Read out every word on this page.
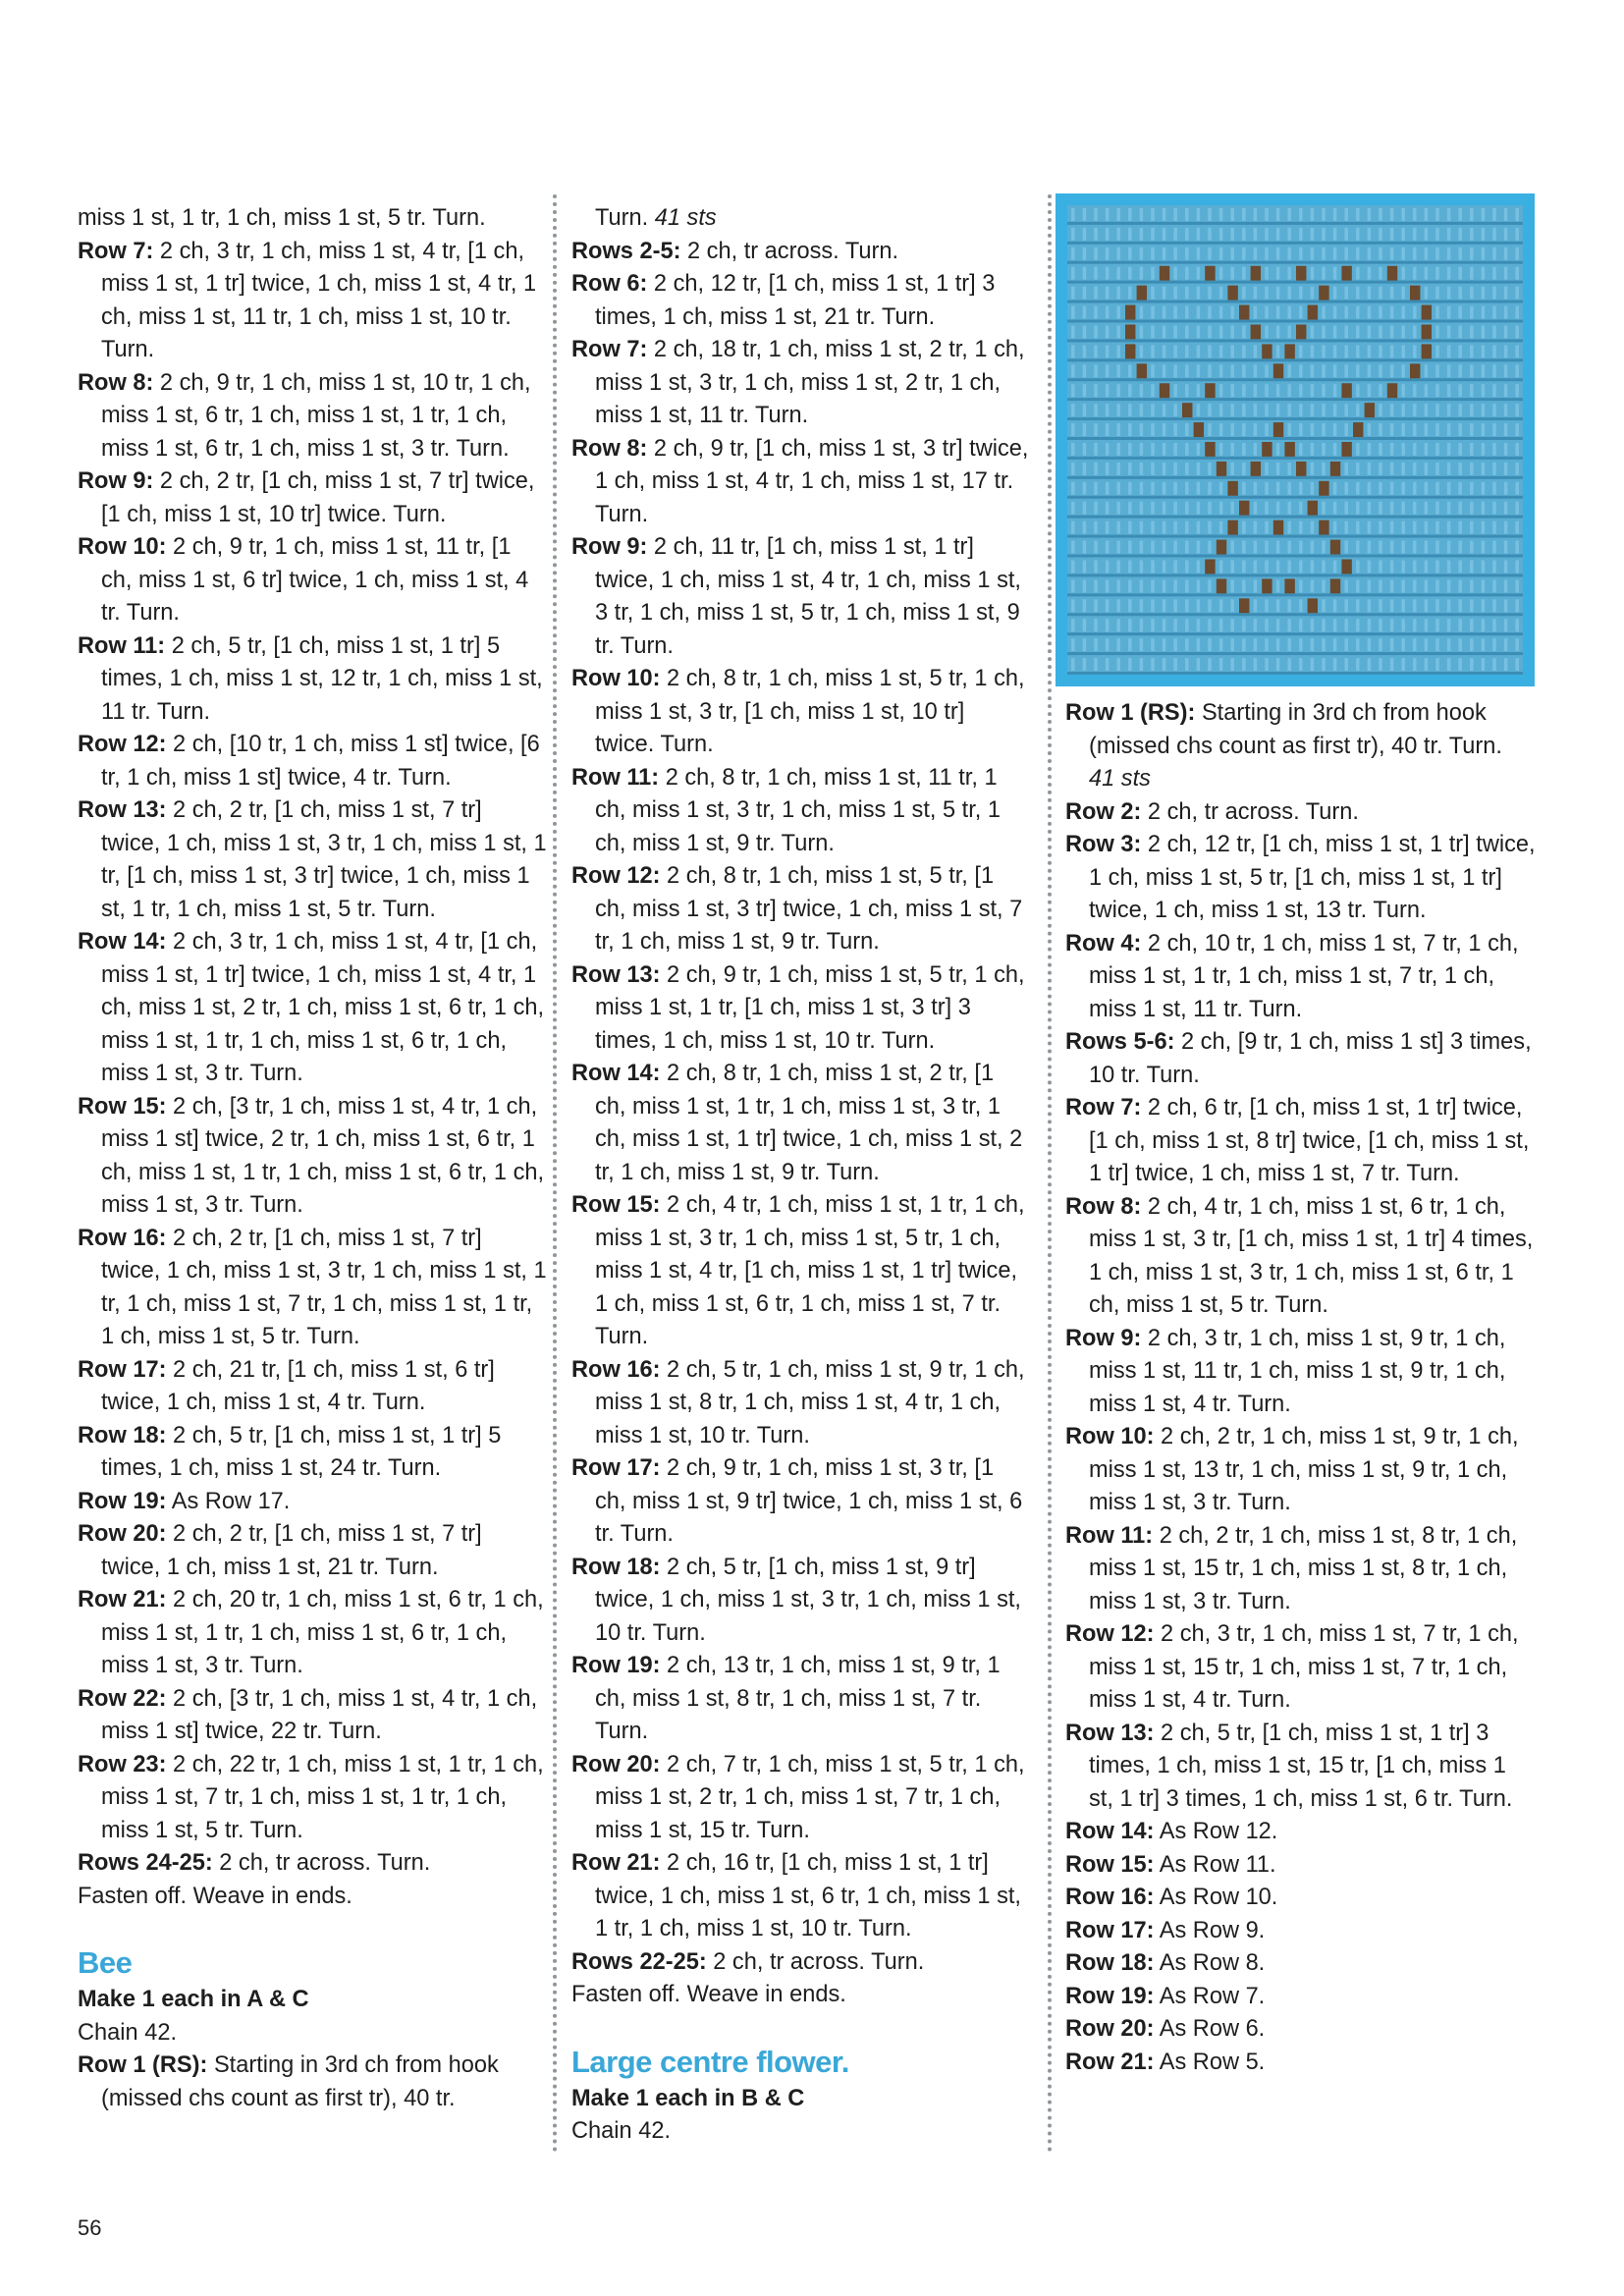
miss 1 st, 1 tr, 1 ch, miss 1 st, 5 tr. Turn.

Row 7: 2 ch, 3 tr, 1 ch, miss 1 st, 4 tr, [1 ch, miss 1 st, 1 tr] twice, 1 ch, miss 1 st, 4 tr, 1 ch, miss 1 st, 11 tr, 1 ch, miss 1 st, 10 tr. Turn.

Row 8: 2 ch, 9 tr, 1 ch, miss 1 st, 10 tr, 1 ch, miss 1 st, 6 tr, 1 ch, miss 1 st, 1 tr, 1 ch, miss 1 st, 6 tr, 1 ch, miss 1 st, 3 tr. Turn.

Row 9: 2 ch, 2 tr, [1 ch, miss 1 st, 7 tr] twice, [1 ch, miss 1 st, 10 tr] twice. Turn.

Row 10: 2 ch, 9 tr, 1 ch, miss 1 st, 11 tr, [1 ch, miss 1 st, 6 tr] twice, 1 ch, miss 1 st, 4 tr. Turn.

Row 11: 2 ch, 5 tr, [1 ch, miss 1 st, 1 tr] 5 times, 1 ch, miss 1 st, 12 tr, 1 ch, miss 1 st, 11 tr. Turn.

Row 12: 2 ch, [10 tr, 1 ch, miss 1 st] twice, [6 tr, 1 ch, miss 1 st] twice, 4 tr. Turn.

Row 13: 2 ch, 2 tr, [1 ch, miss 1 st, 7 tr] twice, 1 ch, miss 1 st, 3 tr, 1 ch, miss 1 st, 1 tr, [1 ch, miss 1 st, 3 tr] twice, 1 ch, miss 1 st, 1 tr, 1 ch, miss 1 st, 5 tr. Turn.

Row 14: 2 ch, 3 tr, 1 ch, miss 1 st, 4 tr, [1 ch, miss 1 st, 1 tr] twice, 1 ch, miss 1 st, 4 tr, 1 ch, miss 1 st, 2 tr, 1 ch, miss 1 st, 6 tr, 1 ch, miss 1 st, 1 tr, 1 ch, miss 1 st, 6 tr, 1 ch, miss 1 st, 3 tr. Turn.

Row 15: 2 ch, [3 tr, 1 ch, miss 1 st, 4 tr, 1 ch, miss 1 st] twice, 2 tr, 1 ch, miss 1 st, 6 tr, 1 ch, miss 1 st, 1 tr, 1 ch, miss 1 st, 6 tr, 1 ch, miss 1 st, 3 tr. Turn.

Row 16: 2 ch, 2 tr, [1 ch, miss 1 st, 7 tr] twice, 1 ch, miss 1 st, 3 tr, 1 ch, miss 1 st, 1 tr, 1 ch, miss 1 st, 7 tr, 1 ch, miss 1 st, 1 tr, 1 ch, miss 1 st, 5 tr. Turn.

Row 17: 2 ch, 21 tr, [1 ch, miss 1 st, 6 tr] twice, 1 ch, miss 1 st, 4 tr. Turn.

Row 18: 2 ch, 5 tr, [1 ch, miss 1 st, 1 tr] 5 times, 1 ch, miss 1 st, 24 tr. Turn.

Row 19: As Row 17.

Row 20: 2 ch, 2 tr, [1 ch, miss 1 st, 7 tr] twice, 1 ch, miss 1 st, 21 tr. Turn.

Row 21: 2 ch, 20 tr, 1 ch, miss 1 st, 6 tr, 1 ch, miss 1 st, 1 tr, 1 ch, miss 1 st, 6 tr, 1 ch, miss 1 st, 3 tr. Turn.

Row 22: 2 ch, [3 tr, 1 ch, miss 1 st, 4 tr, 1 ch, miss 1 st] twice, 22 tr. Turn.

Row 23: 2 ch, 22 tr, 1 ch, miss 1 st, 1 tr, 1 ch, miss 1 st, 7 tr, 1 ch, miss 1 st, 1 tr, 1 ch, miss 1 st, 5 tr. Turn.

Rows 24-25: 2 ch, tr across. Turn.

Fasten off. Weave in ends.

Bee

Make 1 each in A & C

Chain 42.

Row 1 (RS): Starting in 3rd ch from hook (missed chs count as first tr), 40 tr.

Turn. 41 sts

Rows 2-5: 2 ch, tr across. Turn.

Row 6: 2 ch, 12 tr, [1 ch, miss 1 st, 1 tr] 3 times, 1 ch, miss 1 st, 21 tr. Turn.

Row 7: 2 ch, 18 tr, 1 ch, miss 1 st, 2 tr, 1 ch, miss 1 st, 3 tr, 1 ch, miss 1 st, 2 tr, 1 ch, miss 1 st, 11 tr. Turn.

Row 8: 2 ch, 9 tr, [1 ch, miss 1 st, 3 tr] twice, 1 ch, miss 1 st, 4 tr, 1 ch, miss 1 st, 17 tr. Turn.

Row 9: 2 ch, 11 tr, [1 ch, miss 1 st, 1 tr] twice, 1 ch, miss 1 st, 4 tr, 1 ch, miss 1 st, 3 tr, 1 ch, miss 1 st, 5 tr, 1 ch, miss 1 st, 9 tr. Turn.

Row 10: 2 ch, 8 tr, 1 ch, miss 1 st, 5 tr, 1 ch, miss 1 st, 3 tr, [1 ch, miss 1 st, 10 tr] twice. Turn.

Row 11: 2 ch, 8 tr, 1 ch, miss 1 st, 11 tr, 1 ch, miss 1 st, 3 tr, 1 ch, miss 1 st, 5 tr, 1 ch, miss 1 st, 9 tr. Turn.

Row 12: 2 ch, 8 tr, 1 ch, miss 1 st, 5 tr, [1 ch, miss 1 st, 3 tr] twice, 1 ch, miss 1 st, 7 tr, 1 ch, miss 1 st, 9 tr. Turn.

Row 13: 2 ch, 9 tr, 1 ch, miss 1 st, 5 tr, 1 ch, miss 1 st, 1 tr, [1 ch, miss 1 st, 3 tr] 3 times, 1 ch, miss 1 st, 10 tr. Turn.

Row 14: 2 ch, 8 tr, 1 ch, miss 1 st, 2 tr, [1 ch, miss 1 st, 1 tr, 1 ch, miss 1 st, 3 tr, 1 ch, miss 1 st, 1 tr] twice, 1 ch, miss 1 st, 2 tr, 1 ch, miss 1 st, 9 tr. Turn.

Row 15: 2 ch, 4 tr, 1 ch, miss 1 st, 1 tr, 1 ch, miss 1 st, 3 tr, 1 ch, miss 1 st, 5 tr, 1 ch, miss 1 st, 4 tr, [1 ch, miss 1 st, 1 tr] twice, 1 ch, miss 1 st, 6 tr, 1 ch, miss 1 st, 7 tr. Turn.

Row 16: 2 ch, 5 tr, 1 ch, miss 1 st, 9 tr, 1 ch, miss 1 st, 8 tr, 1 ch, miss 1 st, 4 tr, 1 ch, miss 1 st, 10 tr. Turn.

Row 17: 2 ch, 9 tr, 1 ch, miss 1 st, 3 tr, [1 ch, miss 1 st, 9 tr] twice, 1 ch, miss 1 st, 6 tr. Turn.

Row 18: 2 ch, 5 tr, [1 ch, miss 1 st, 9 tr] twice, 1 ch, miss 1 st, 3 tr, 1 ch, miss 1 st, 10 tr. Turn.

Row 19: 2 ch, 13 tr, 1 ch, miss 1 st, 9 tr, 1 ch, miss 1 st, 8 tr, 1 ch, miss 1 st, 7 tr. Turn.

Row 20: 2 ch, 7 tr, 1 ch, miss 1 st, 5 tr, 1 ch, miss 1 st, 2 tr, 1 ch, miss 1 st, 7 tr, 1 ch, miss 1 st, 15 tr. Turn.

Row 21: 2 ch, 16 tr, [1 ch, miss 1 st, 1 tr] twice, 1 ch, miss 1 st, 6 tr, 1 ch, miss 1 st, 1 tr, 1 ch, miss 1 st, 10 tr. Turn.

Rows 22-25: 2 ch, tr across. Turn.

Fasten off. Weave in ends.

Large centre flower.

Make 1 each in B & C

Chain 42.

Row 1 (RS): Starting in 3rd ch from hook (missed chs count as first tr), 40 tr. Turn.
41 sts

Row 2: 2 ch, tr across. Turn.

Row 3: 2 ch, 12 tr, [1 ch, miss 1 st, 1 tr] twice, 1 ch, miss 1 st, 5 tr, [1 ch, miss 1 st, 1 tr] twice, 1 ch, miss 1 st, 13 tr. Turn.

Row 4: 2 ch, 10 tr, 1 ch, miss 1 st, 7 tr, 1 ch, miss 1 st, 1 tr, 1 ch, miss 1 st, 7 tr, 1 ch, miss 1 st, 11 tr. Turn.

Rows 5-6: 2 ch, [9 tr, 1 ch, miss 1 st] 3 times, 10 tr. Turn.

Row 7: 2 ch, 6 tr, [1 ch, miss 1 st, 1 tr] twice, [1 ch, miss 1 st, 8 tr] twice, [1 ch, miss 1 st, 1 tr] twice, 1 ch, miss 1 st, 7 tr. Turn.

Row 8: 2 ch, 4 tr, 1 ch, miss 1 st, 6 tr, 1 ch, miss 1 st, 3 tr, [1 ch, miss 1 st, 1 tr] 4 times, 1 ch, miss 1 st, 3 tr, 1 ch, miss 1 st, 6 tr, 1 ch, miss 1 st, 5 tr. Turn.

Row 9: 2 ch, 3 tr, 1 ch, miss 1 st, 9 tr, 1 ch, miss 1 st, 11 tr, 1 ch, miss 1 st, 9 tr, 1 ch, miss 1 st, 4 tr. Turn.

Row 10: 2 ch, 2 tr, 1 ch, miss 1 st, 9 tr, 1 ch, miss 1 st, 13 tr, 1 ch, miss 1 st, 9 tr, 1 ch, miss 1 st, 3 tr. Turn.

Row 11: 2 ch, 2 tr, 1 ch, miss 1 st, 8 tr, 1 ch, miss 1 st, 15 tr, 1 ch, miss 1 st, 8 tr, 1 ch, miss 1 st, 3 tr. Turn.

Row 12: 2 ch, 3 tr, 1 ch, miss 1 st, 7 tr, 1 ch, miss 1 st, 15 tr, 1 ch, miss 1 st, 7 tr, 1 ch, miss 1 st, 4 tr. Turn.

Row 13: 2 ch, 5 tr, [1 ch, miss 1 st, 1 tr] 3 times, 1 ch, miss 1 st, 15 tr, [1 ch, miss 1 st, 1 tr] 3 times, 1 ch, miss 1 st, 6 tr. Turn.

Row 14: As Row 12.

Row 15: As Row 11.

Row 16: As Row 10.

Row 17: As Row 9.

Row 18: As Row 8.

Row 19: As Row 7.

Row 20: As Row 6.

Row 21: As Row 5.

56
